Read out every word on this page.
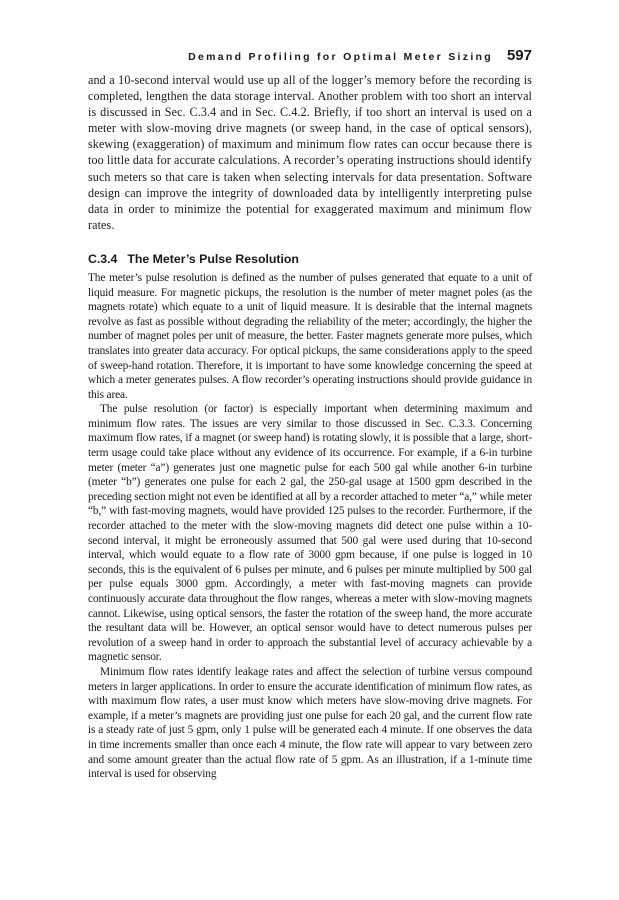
Demand Profiling for Optimal Meter Sizing 597

and a 10-second interval would use up all of the logger’s memory before the recording is completed, lengthen the data storage interval. Another problem with too short an interval is discussed in Sec. C.3.4 and in Sec. C.4.2. Briefly, if too short an interval is used on a meter with slow-moving drive magnets (or sweep hand, in the case of optical sensors), skewing (exaggeration) of maximum and minimum flow rates can occur because there is too little data for accurate calculations. A recorder’s operating instructions should identify such meters so that care is taken when selecting intervals for data presentation. Software design can improve the integrity of downloaded data by intelligently interpreting pulse data in order to minimize the potential for exaggerated maximum and minimum flow rates.

C.3.4 The Meter’s Pulse Resolution

The meter’s pulse resolution is defined as the number of pulses generated that equate to a unit of liquid measure. For magnetic pickups, the resolution is the number of meter magnet poles (as the magnets rotate) which equate to a unit of liquid measure. It is desirable that the internal magnets revolve as fast as possible without degrading the reliability of the meter; accordingly, the higher the number of magnet poles per unit of measure, the better. Faster magnets generate more pulses, which translates into greater data accuracy. For optical pickups, the same considerations apply to the speed of sweep-hand rotation. Therefore, it is important to have some knowledge concerning the speed at which a meter generates pulses. A flow recorder’s operating instructions should provide guidance in this area.

The pulse resolution (or factor) is especially important when determining maximum and minimum flow rates. The issues are very similar to those discussed in Sec. C.3.3. Concerning maximum flow rates, if a magnet (or sweep hand) is rotating slowly, it is possible that a large, short-term usage could take place without any evidence of its occurrence. For example, if a 6-in turbine meter (meter “a”) generates just one magnetic pulse for each 500 gal while another 6-in turbine (meter “b”) generates one pulse for each 2 gal, the 250-gal usage at 1500 gpm described in the preceding section might not even be identified at all by a recorder attached to meter “a,” while meter “b,” with fast-moving magnets, would have provided 125 pulses to the recorder. Furthermore, if the recorder attached to the meter with the slow-moving magnets did detect one pulse within a 10-second interval, it might be erroneously assumed that 500 gal were used during that 10-second interval, which would equate to a flow rate of 3000 gpm because, if one pulse is logged in 10 seconds, this is the equivalent of 6 pulses per minute, and 6 pulses per minute multiplied by 500 gal per pulse equals 3000 gpm. Accordingly, a meter with fast-moving magnets can provide continuously accurate data throughout the flow ranges, whereas a meter with slow-moving magnets cannot. Likewise, using optical sensors, the faster the rotation of the sweep hand, the more accurate the resultant data will be. However, an optical sensor would have to detect numerous pulses per revolution of a sweep hand in order to approach the substantial level of accuracy achievable by a magnetic sensor.

Minimum flow rates identify leakage rates and affect the selection of turbine versus compound meters in larger applications. In order to ensure the accurate identification of minimum flow rates, as with maximum flow rates, a user must know which meters have slow-moving drive magnets. For example, if a meter’s magnets are providing just one pulse for each 20 gal, and the current flow rate is a steady rate of just 5 gpm, only 1 pulse will be generated each 4 minute. If one observes the data in time increments smaller than once each 4 minute, the flow rate will appear to vary between zero and some amount greater than the actual flow rate of 5 gpm. As an illustration, if a 1-minute time interval is used for observing
